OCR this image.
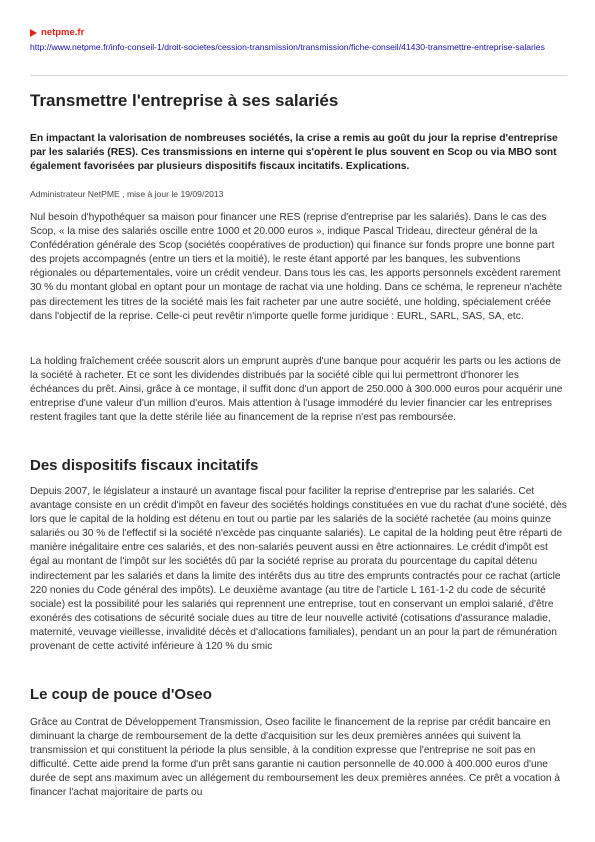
netpme.fr
http://www.netpme.fr/info-conseil-1/droit-societes/cession-transmission/transmission/fiche-conseil/41430-transmettre-entreprise-salaries
Transmettre l'entreprise à ses salariés

En impactant la valorisation de nombreuses sociétés, la crise a remis au goût du jour la reprise d'entreprise par les salariés (RES). Ces transmissions en interne qui s'opèrent le plus souvent en Scop ou via MBO sont également favorisées par plusieurs dispositifs fiscaux incitatifs. Explications.

Administrateur NetPME , mise à jour le 19/09/2013

Nul besoin d'hypothéquer sa maison pour financer une RES (reprise d'entreprise par les salariés). Dans le cas des Scop, « la mise des salariés oscille entre 1000 et 20.000 euros », indique Pascal Trideau, directeur général de la Confédération générale des Scop (sociétés coopératives de production) qui finance sur fonds propre une bonne part des projets accompagnés (entre un tiers et la moitié), le reste étant apporté par les banques, les subventions régionales ou départementales, voire un crédit vendeur. Dans tous les cas, les apports personnels excèdent rarement 30 % du montant global en optant pour un montage de rachat via une holding. Dans ce schéma, le repreneur n'achète pas directement les titres de la société mais les fait racheter par une autre société, une holding, spécialement créée dans l'objectif de la reprise. Celle-ci peut revêtir n'importe quelle forme juridique : EURL, SARL, SAS, SA, etc.

La holding fraîchement créée souscrit alors un emprunt auprès d'une banque pour acquérir les parts ou les actions de la société à racheter. Et ce sont les dividendes distribués par la société cible qui lui permettront d'honorer les échéances du prêt. Ainsi, grâce à ce montage, il suffit donc d'un apport de 250.000 à 300.000 euros pour acquérir une entreprise d'une valeur d'un million d'euros. Mais attention à l'usage immodéré du levier financier car les entreprises restent fragiles tant que la dette stérile liée au financement de la reprise n'est pas remboursée.

Des dispositifs fiscaux incitatifs

Depuis 2007, le législateur a instauré un avantage fiscal pour faciliter la reprise d'entreprise par les salariés. Cet avantage consiste en un crédit d'impôt en faveur des sociétés holdings constituées en vue du rachat d'une société, dès lors que le capital de la holding est détenu en tout ou partie par les salariés de la société rachetée (au moins quinze salariés ou 30 % de l'effectif si la société n'excède pas cinquante salariés). Le capital de la holding peut être réparti de manière inégalitaire entre ces salariés, et des non-salariés peuvent aussi en être actionnaires. Le crédit d'impôt est égal au montant de l'impôt sur les sociétés dû par la société reprise au prorata du pourcentage du capital détenu indirectement par les salariés et dans la limite des intérêts dus au titre des emprunts contractés pour ce rachat (article 220 nonies du Code général des impôts). Le deuxième avantage (au titre de l'article L 161-1-2 du code de sécurité sociale) est la possibilité pour les salariés qui reprennent une entreprise, tout en conservant un emploi salarié, d'être exonérés des cotisations de sécurité sociale dues au titre de leur nouvelle activité (cotisations d'assurance maladie, maternité, veuvage vieillesse, invalidité décès et d'allocations familiales), pendant un an pour la part de rémunération provenant de cette activité inférieure à 120 % du smic

Le coup de pouce d'Oseo

Grâce au Contrat de Développement Transmission, Oseo facilite le financement de la reprise par crédit bancaire en diminuant la charge de remboursement de la dette d'acquisition sur les deux premières années qui suivent la transmission et qui constituent la période la plus sensible, à la condition expresse que l'entreprise ne soit pas en difficulté. Cette aide prend la forme d'un prêt sans garantie ni caution personnelle de 40.000 à 400.000 euros d'une durée de sept ans maximum avec un allégement du remboursement les deux premières années. Ce prêt a vocation à financer l'achat majoritaire de parts ou
